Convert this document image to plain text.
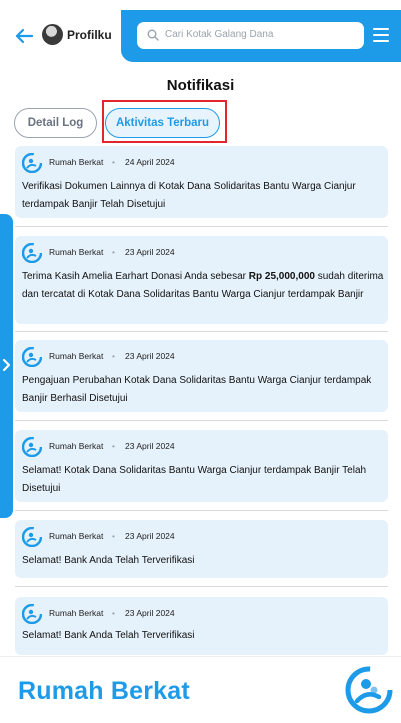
Profilku	Cari Kotak Galang Dana
Notifikasi
Detail Log	Aktivitas Terbaru
Rumah Berkat • 24 April 2024
Verifikasi Dokumen Lainnya di Kotak Dana Solidaritas Bantu Warga Cianjur terdampak Banjir Telah Disetujui
Rumah Berkat • 23 April 2024
Terima Kasih Amelia Earhart Donasi Anda sebesar Rp 25,000,000 sudah diterima dan tercatat di Kotak Dana Solidaritas Bantu Warga Cianjur terdampak Banjir
Rumah Berkat • 23 April 2024
Pengajuan Perubahan Kotak Dana Solidaritas Bantu Warga Cianjur terdampak Banjir Berhasil Disetujui
Rumah Berkat • 23 April 2024
Selamat! Kotak Dana Solidaritas Bantu Warga Cianjur terdampak Banjir Telah Disetujui
Rumah Berkat • 23 April 2024
Selamat! Bank Anda Telah Terverifikasi
Rumah Berkat • 23 April 2024
Selamat! Bank Anda Telah Terverifikasi
Rumah Berkat
